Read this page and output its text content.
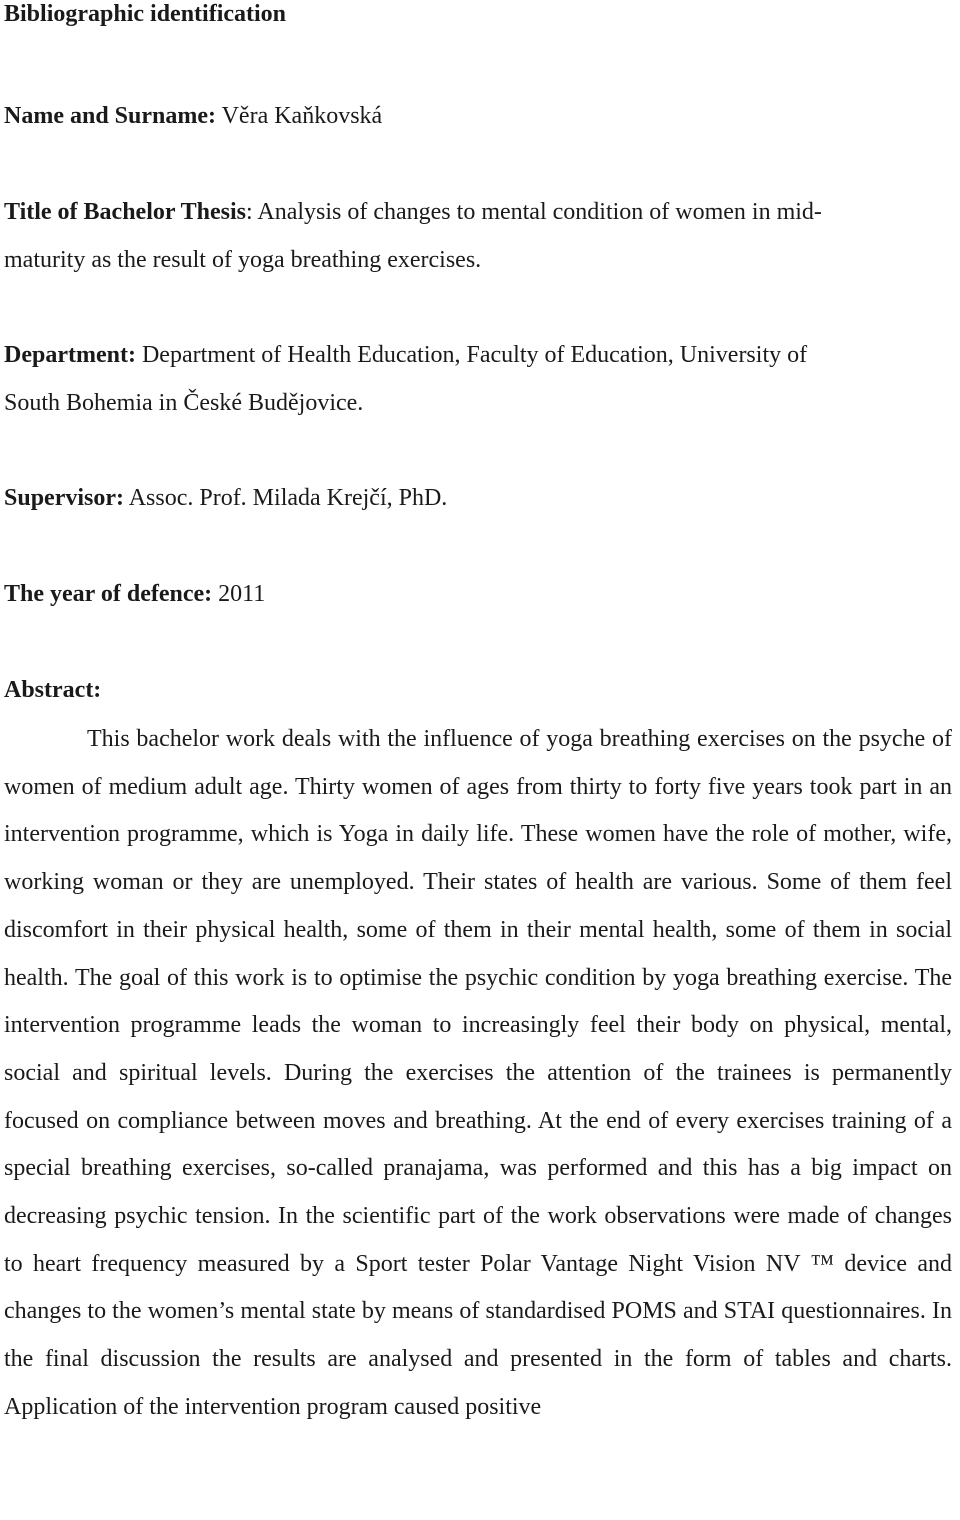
Bibliographic identification
Name and Surname: Věra Kaňkovská
Title of Bachelor Thesis: Analysis of changes to mental condition of women in mid-
maturity as the result of yoga breathing exercises.
Department: Department of Health Education, Faculty of Education, University of
South Bohemia in České Budějovice.
Supervisor: Assoc. Prof. Milada Krejčí, PhD.
The year of defence: 2011
Abstract:
This bachelor work deals with the influence of yoga breathing exercises on the psyche of women of medium adult age. Thirty women of ages from thirty to forty five years took part in an intervention programme, which is Yoga in daily life. These women have the role of mother, wife, working woman or they are unemployed. Their states of health are various. Some of them feel discomfort in their physical health, some of them in their mental health, some of them in social health. The goal of this work is to optimise the psychic condition by yoga breathing exercise. The intervention programme leads the woman to increasingly feel their body on physical, mental, social and spiritual levels. During the exercises the attention of the trainees is permanently focused on compliance between moves and breathing. At the end of every exercises training of a special breathing exercises, so-called pranajama, was performed and this has a big impact on decreasing psychic tension. In the scientific part of the work observations were made of changes to heart frequency measured by a Sport tester Polar Vantage Night Vision NV ™ device and changes to the women’s mental state by means of standardised POMS and STAI questionnaires. In the final discussion the results are analysed and presented in the form of tables and charts. Application of the intervention program caused positive
